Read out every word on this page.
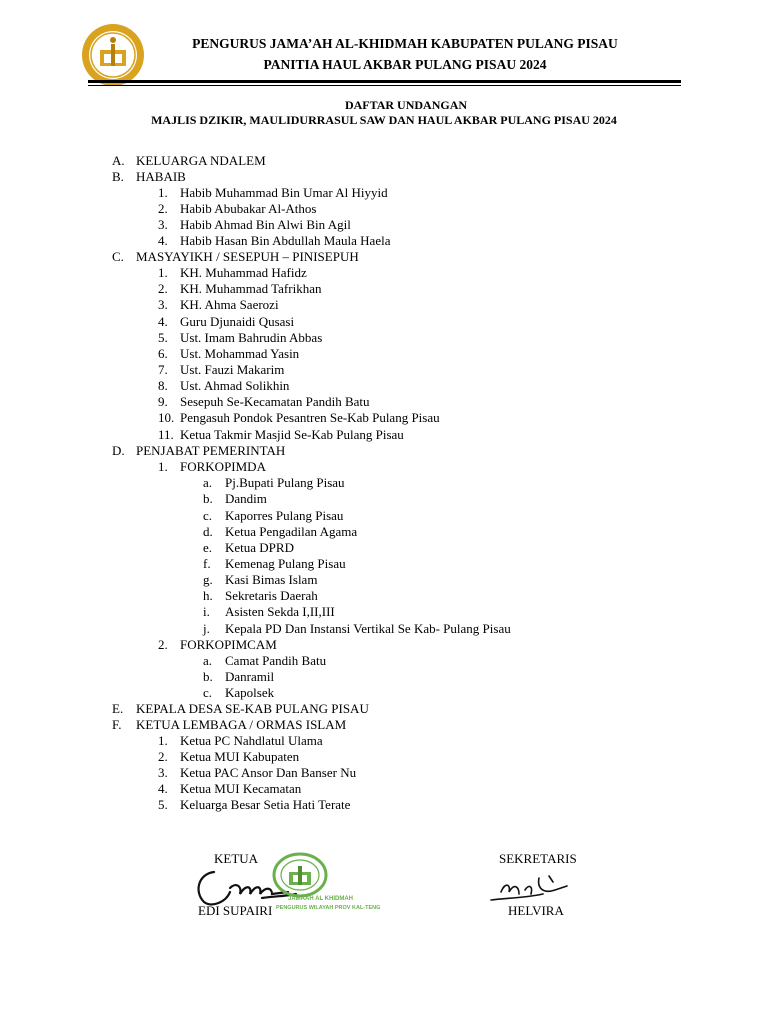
PENGURUS JAMA’AH AL-KHIDMAH KABUPATEN PULANG PISAU
PANITIA HAUL AKBAR PULANG PISAU 2024
DAFTAR UNDANGAN
MAJLIS DZIKIR, MAULIDURRASUL SAW DAN HAUL AKBAR PULANG PISAU 2024
A. KELUARGA NDALEM
B. HABAIB
1. Habib Muhammad Bin Umar Al Hiyyid
2. Habib Abubakar Al-Athos
3. Habib Ahmad Bin Alwi Bin Agil
4. Habib Hasan Bin Abdullah Maula Haela
C. MASYAYIKH / SESEPUH – PINISEPUH
1. KH. Muhammad Hafidz
2. KH. Muhammad Tafrikhan
3. KH. Ahma Saerozi
4. Guru Djunaidi Qusasi
5. Ust. Imam Bahrudin Abbas
6. Ust. Mohammad Yasin
7. Ust. Fauzi Makarim
8. Ust. Ahmad Solikhin
9. Sesepuh Se-Kecamatan Pandih Batu
10. Pengasuh Pondok Pesantren Se-Kab Pulang Pisau
11. Ketua Takmir Masjid Se-Kab Pulang Pisau
D. PENJABAT PEMERINTAH
1. FORKOPIMDA
a. Pj.Bupati Pulang Pisau
b. Dandim
c. Kaporres Pulang Pisau
d. Ketua Pengadilan Agama
e. Ketua DPRD
f. Kemenag Pulang Pisau
g. Kasi Bimas Islam
h. Sekretaris Daerah
i. Asisten Sekda I,II,III
j. Kepala PD Dan Instansi Vertikal Se Kab- Pulang Pisau
2. FORKOPIMCAM
a. Camat Pandih Batu
b. Danramil
c. Kapolsek
E. KEPALA DESA SE-KAB PULANG PISAU
F. KETUA LEMBAGA / ORMAS ISLAM
1. Ketua PC Nahdlatul Ulama
2. Ketua MUI Kabupaten
3. Ketua PAC Ansor Dan Banser Nu
4. Ketua MUI Kecamatan
5. Keluarga Besar Setia Hati Terate
KETUA	SEKRETARIS
JAMAAH AL KHIDMAH
PENGURUS WILAYAH PROV KAL-TENG
EDI SUPAIRI	HELVIRA
